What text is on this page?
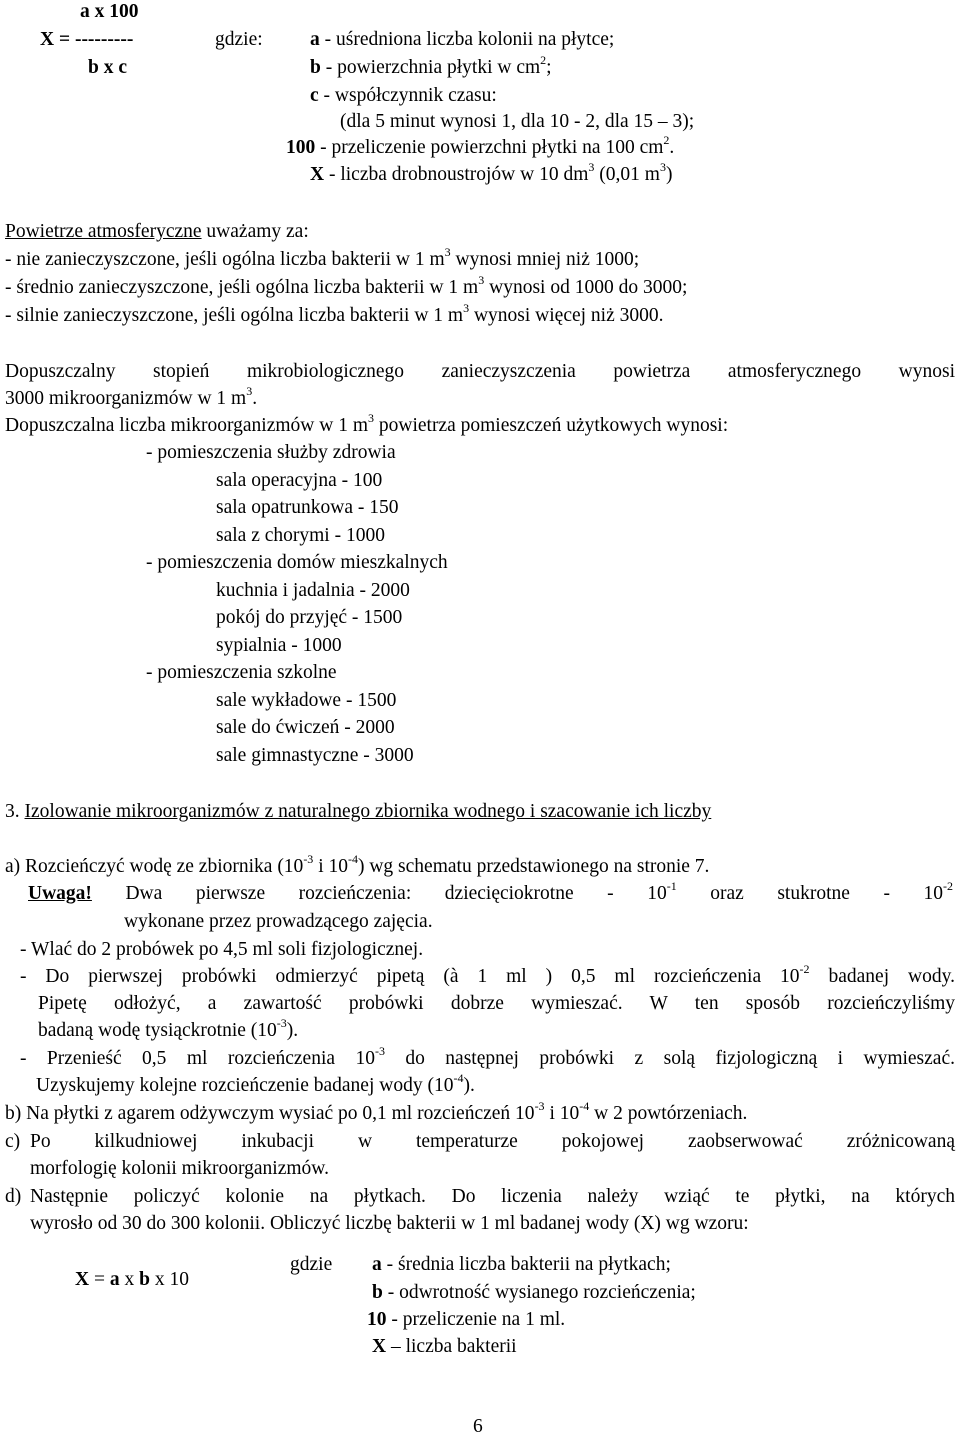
a x 100
X = ---------
b x c
gdzie: a - uśredniona liczba kolonii na płytce;
b - powierzchnia płytki w $cm^2$;
c - współczynnik czasu:
(dla 5 minut wynosi 1, dla 10 - 2, dla 15 – 3);
100 - przeliczenie powierzchni płytki na 100 $cm^2$.
X - liczba drobnoustrojów w 10 $dm^3$ (0,01 $m^3$)
Powietrze atmosferyczne uważamy za:
- nie zanieczyszczone, jeśli ogólna liczba bakterii w 1 $m^3$ wynosi mniej niż 1000;
- średnio zanieczyszczone, jeśli ogólna liczba bakterii w 1 $m^3$ wynosi od 1000 do 3000;
- silnie zanieczyszczone, jeśli ogólna liczba bakterii w 1 $m^3$ wynosi więcej niż 3000.
Dopuszczalny stopień mikrobiologicznego zanieczyszczenia powietrza atmosferycznego wynosi
3000 mikroorganizmów w 1 $m^3$.
Dopuszczalna liczba mikroorganizmów w 1 $m^3$ powietrza pomieszczeń użytkowych wynosi:
- pomieszczenia służby zdrowia
sala operacyjna - 100
sala opatrunkowa - 150
sala z chorymi - 1000
- pomieszczenia domów mieszkalnych
kuchnia i jadalnia - 2000
pokój do przyjęć - 1500
sypialnia - 1000
- pomieszczenia szkolne
sale wykładowe - 1500
sale do ćwiczeń - 2000
sale gimnastyczne - 3000
3. Izolowanie mikroorganizmów z naturalnego zbiornika wodnego i szacowanie ich liczby
a) Rozcieńczyć wodę ze zbiornika ($10^{-3}$ i $10^{-4}$) wg schematu przedstawionego na stronie 7.
Uwaga! Dwa pierwsze rozcieńczenia: dziecięciokrotne - $10^{-1}$ oraz stukrotne - $10^{-2}$
wykonane przez prowadzącego zajęcia.
- Wlać do 2 probówek po 4,5 ml soli fizjologicznej.
- Do pierwszej probówki odmierzyć pipetą (à 1 ml ) 0,5 ml rozcieńczenia $10^{-2}$ badanej wody.
Pipetę odłożyć, a zawartość probówki dobrze wymieszać. W ten sposób rozcieńczyliśmy
badaną wodę tysiąckrotnie $(10^{-3})$.
- Przenieść 0,5 ml rozcieńczenia $10^{-3}$ do następnej probówki z solą fizjologiczną i wymieszać.
Uzyskujemy kolejne rozcieńczenie badanej wody $(10^{-4})$.
b) Na płytki z agarem odżywczym wysiać po 0,1 ml rozcieńczeń $10^{-3}$ i $10^{-4}$ w 2 powtórzeniach.
c) Po kilkudniowej inkubacji w temperaturze pokojowej zaobserwować zróżnicowaną
morfologię kolonii mikroorganizmów.
d) Następnie policzyć kolonie na płytkach. Do liczenia należy wziąć te płytki, na których
wyrosło od 30 do 300 kolonii. Obliczyć liczbę bakterii w 1 ml badanej wody (X) wg wzoru:
X = a x b x 10
gdzie a - średnia liczba bakterii na płytkach;
b - odwrotność wysianego rozcieńczenia;
10 - przeliczenie na 1 ml.
X – liczba bakterii
6
